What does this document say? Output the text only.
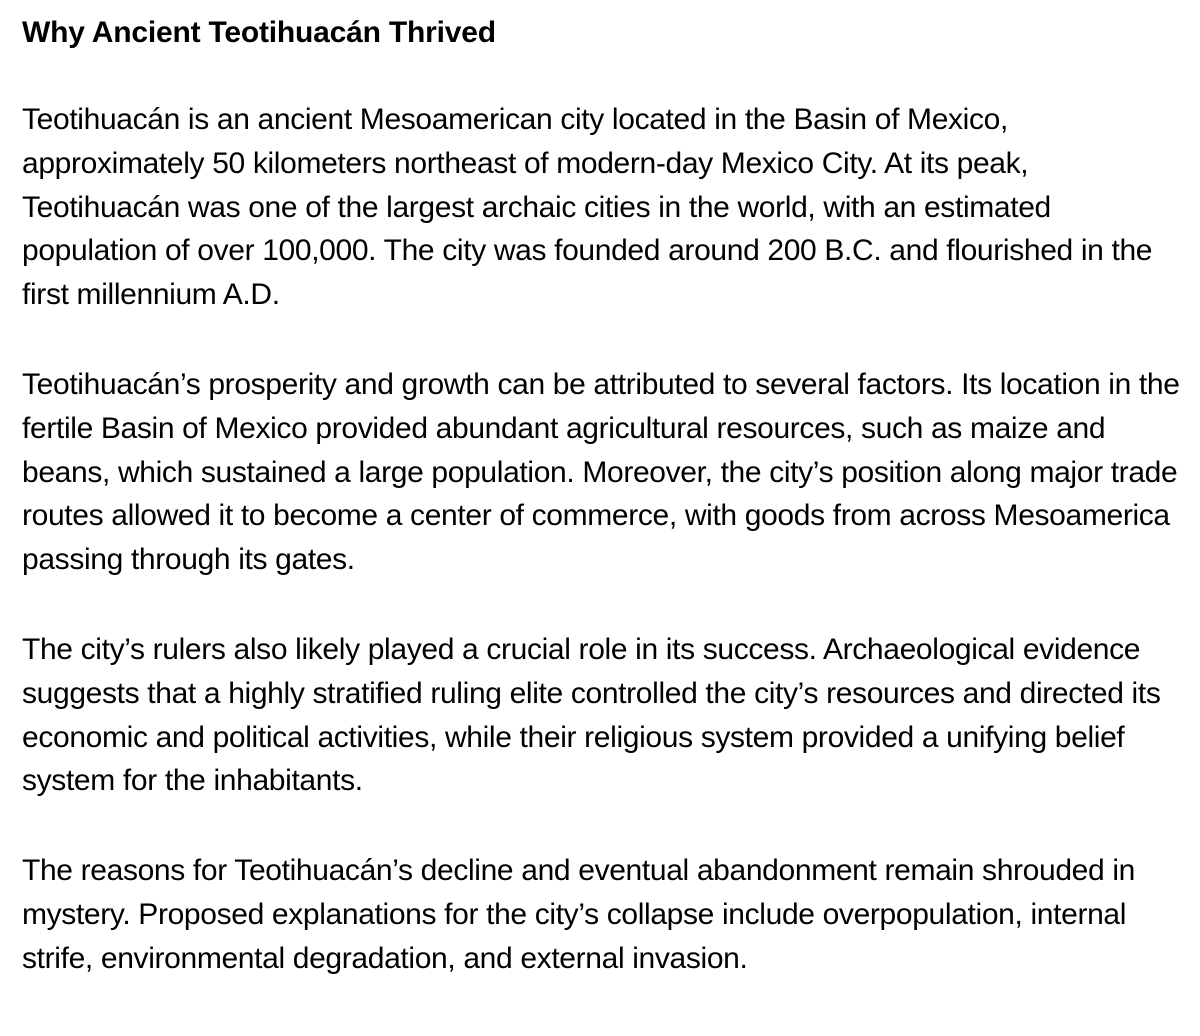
Why Ancient Teotihuacán Thrived

Teotihuacán is an ancient Mesoamerican city located in the Basin of Mexico, approximately 50 kilometers northeast of modern-day Mexico City. At its peak, Teotihuacán was one of the largest archaic cities in the world, with an estimated population of over 100,000. The city was founded around 200 B.C. and flourished in the first millennium A.D.

Teotihuacán’s prosperity and growth can be attributed to several factors. Its location in the fertile Basin of Mexico provided abundant agricultural resources, such as maize and beans, which sustained a large population. Moreover, the city’s position along major trade routes allowed it to become a center of commerce, with goods from across Mesoamerica passing through its gates.

The city’s rulers also likely played a crucial role in its success. Archaeological evidence suggests that a highly stratified ruling elite controlled the city’s resources and directed its economic and political activities, while their religious system provided a unifying belief system for the inhabitants.

The reasons for Teotihuacán’s decline and eventual abandonment remain shrouded in mystery. Proposed explanations for the city’s collapse include overpopulation, internal strife, environmental degradation, and external invasion.
